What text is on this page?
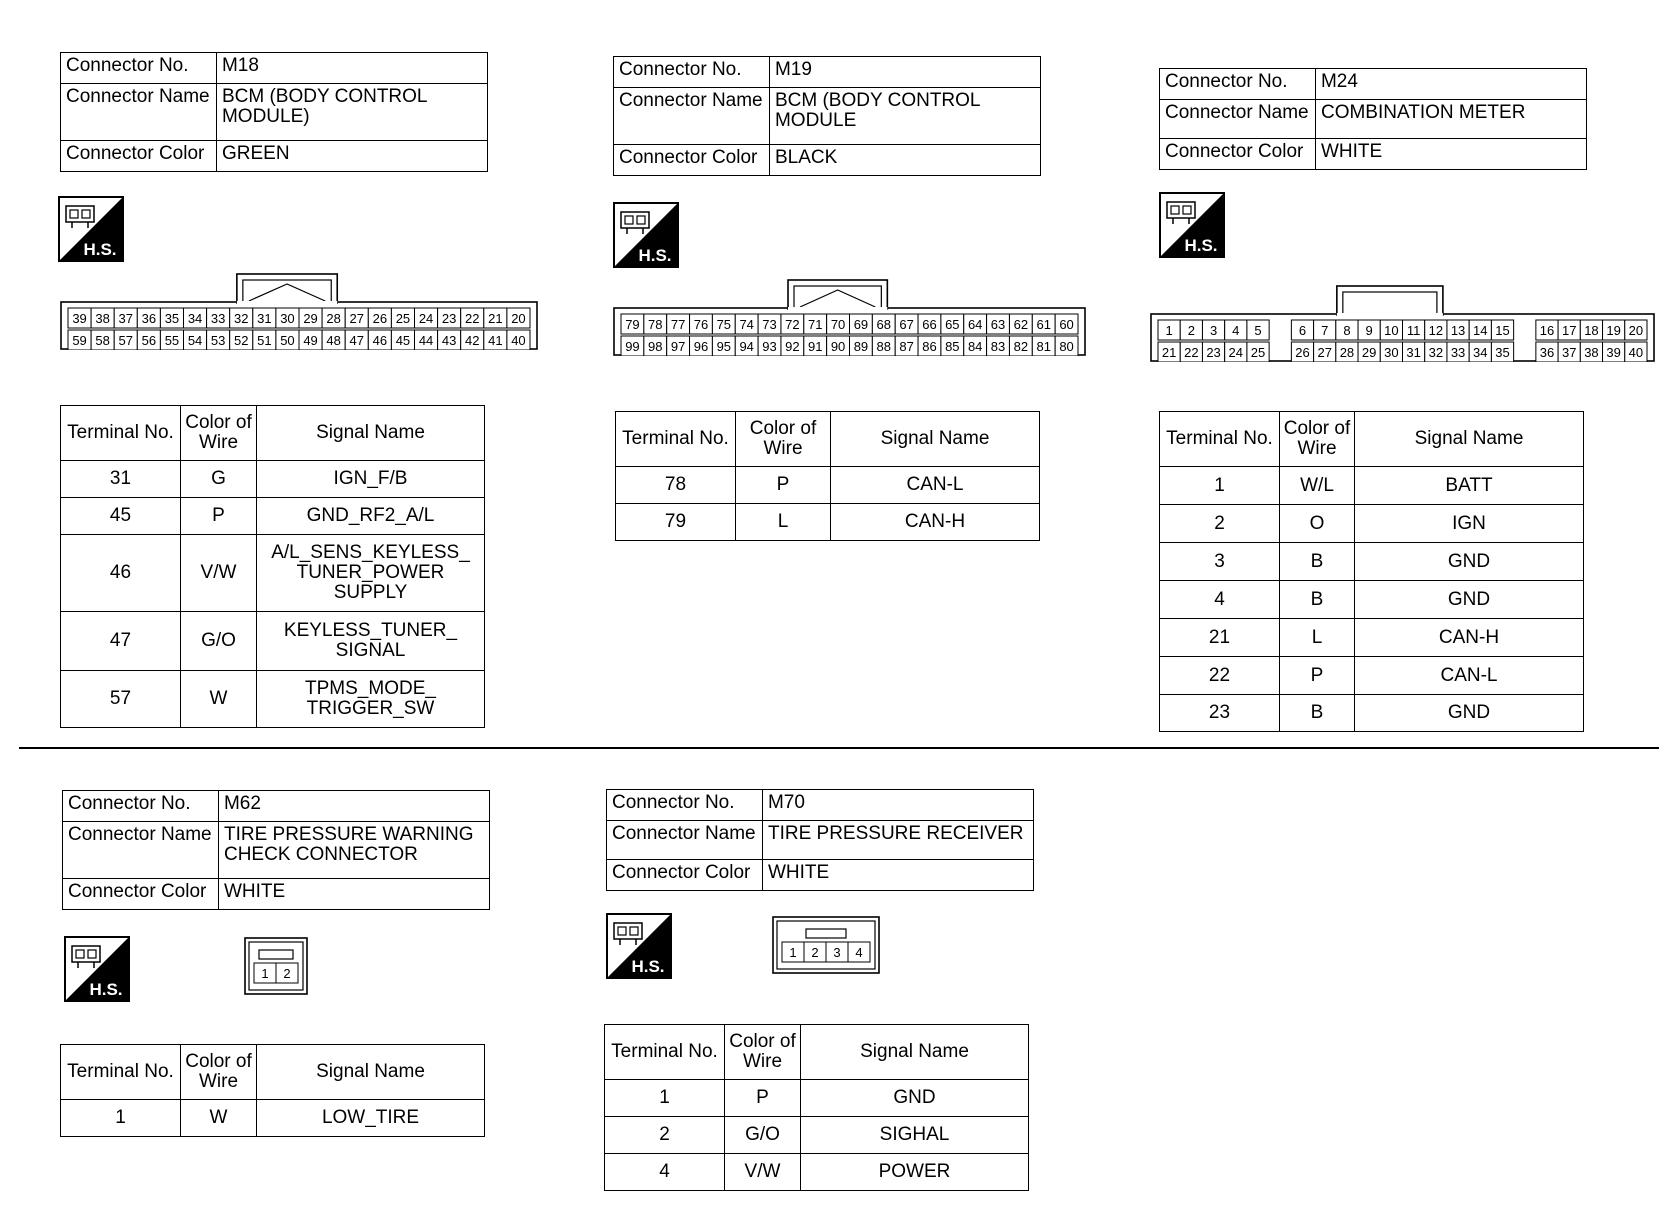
Connector No.	M18
Connector Name	BCM (BODY CONTROL MODULE)
Connector Color	GREEN
H.S.
39 38 37 36 35 34 33 32 31 30 29 28 27 26 25 24 23 22 21 20
59 58 57 56 55 54 53 52 51 50 49 48 47 46 45 44 43 42 41 40
Terminal No.	Color of Wire	Signal Name
31	G	IGN_F/B
45	P	GND_RF2_A/L
46	V/W	A/L_SENS_KEYLESS_ TUNER_POWER SUPPLY
47	G/O	KEYLESS_TUNER_ SIGNAL
57	W	TPMS_MODE_ TRIGGER_SW
Connector No.	M19
Connector Name	BCM (BODY CONTROL MODULE
Connector Color	BLACK
H.S.
79 78 77 76 75 74 73 72 71 70 69 68 67 66 65 64 63 62 61 60
99 98 97 96 95 94 93 92 91 90 89 88 87 86 85 84 83 82 81 80
Terminal No.	Color of Wire	Signal Name
78	P	CAN-L
79	L	CAN-H
Connector No.	M24
Connector Name	COMBINATION METER
Connector Color	WHITE
H.S.
1 2 3 4 5	6 7 8 9 10 11 12 13 14 15 16 17 18 19 20
21 22 23 24 25 26 27 28 29 30 31 32 33 34 35 36 37 38 39 40
Terminal No.	Color of Wire	Signal Name
1	W/L	BATT
2	O	IGN
3	B	GND
4	B	GND
21	L	CAN-H
22	P	CAN-L
23	B	GND
Connector No.	M62
Connector Name	TIRE PRESSURE WARNING CHECK CONNECTOR
Connector Color	WHITE
H.S.
1 2
Terminal No.	Color of Wire	Signal Name
1	W	LOW_TIRE
Connector No.	M70
Connector Name	TIRE PRESSURE RECEIVER
Connector Color	WHITE
H.S.
1 2 3 4
Terminal No.	Color of Wire	Signal Name
1	P	GND
2	G/O	SIGHAL
4	V/W	POWER
